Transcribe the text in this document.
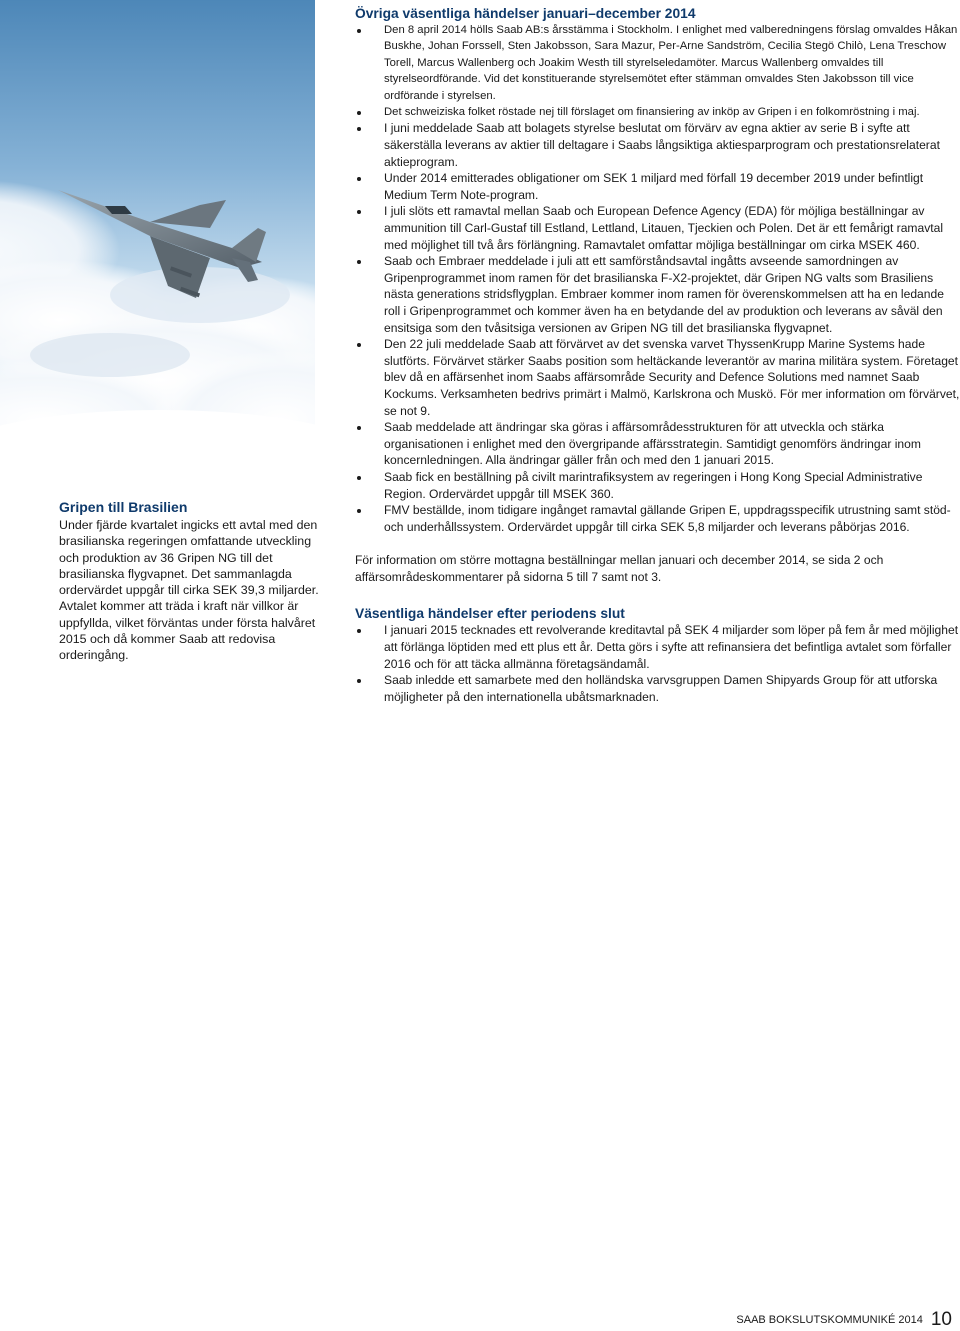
Gripen till Brasilien

Under fjärde kvartalet ingicks ett avtal med den brasilianska regeringen omfattande utveckling och produktion av 36 Gripen NG till det brasilianska flygvapnet. Det sammanlagda ordervärdet uppgår till cirka SEK 39,3 miljarder. Avtalet kommer att träda i kraft när villkor är uppfyllda, vilket förväntas under första halvåret 2015 och då kommer Saab att redovisa orderingång.

Övriga väsentliga händelser januari–december 2014
Den 8 april 2014 hölls Saab AB:s årsstämma i Stockholm. I enlighet med valberedningens förslag omvaldes Håkan Buskhe, Johan Forssell, Sten Jakobsson, Sara Mazur, Per-Arne Sandström, Cecilia Stegö Chilò, Lena Treschow Torell, Marcus Wallenberg och Joakim Westh till styrelseledamöter. Marcus Wallenberg omvaldes till styrelseordförande. Vid det konstituerande styrelsemötet efter stämman omvaldes Sten Jakobsson till vice ordförande i styrelsen.
Det schweiziska folket röstade nej till förslaget om finansiering av inköp av Gripen i en folkomröstning i maj.
I juni meddelade Saab att bolagets styrelse beslutat om förvärv av egna aktier av serie B i syfte att säkerställa leverans av aktier till deltagare i Saabs långsiktiga aktiesparprogram och prestationsrelaterat aktieprogram.
Under 2014 emitterades obligationer om SEK 1 miljard med förfall 19 december 2019 under befintligt Medium Term Note-program.
I juli slöts ett ramavtal mellan Saab och European Defence Agency (EDA) för möjliga beställningar av ammunition till Carl-Gustaf till Estland, Lettland, Litauen, Tjeckien och Polen. Det är ett femårigt ramavtal med möjlighet till två års förlängning. Ramavtalet omfattar möjliga beställningar om cirka MSEK 460.
Saab och Embraer meddelade i juli att ett samförståndsavtal ingåtts avseende samordningen av Gripenprogrammet inom ramen för det brasilianska F-X2-projektet, där Gripen NG valts som Brasiliens nästa generations stridsflygplan. Embraer kommer inom ramen för överenskommelsen att ha en ledande roll i Gripenprogrammet och kommer även ha en betydande del av produktion och leverans av såväl den ensitsiga som den tvåsitsiga versionen av Gripen NG till det brasilianska flygvapnet.
Den 22 juli meddelade Saab att förvärvet av det svenska varvet ThyssenKrupp Marine Systems hade slutförts. Förvärvet stärker Saabs position som heltäckande leverantör av marina militära system. Företaget blev då en affärsenhet inom Saabs affärsområde Security and Defence Solutions med namnet Saab Kockums. Verksamheten bedrivs primärt i Malmö, Karlskrona och Muskö. För mer information om förvärvet, se not 9.
Saab meddelade att ändringar ska göras i affärsområdesstrukturen för att utveckla och stärka organisationen i enlighet med den övergripande affärsstrategin. Samtidigt genomförs ändringar inom koncernledningen. Alla ändringar gäller från och med den 1 januari 2015.
Saab fick en beställning på civilt marintrafiksystem av regeringen i Hong Kong Special Administrative Region. Ordervärdet uppgår till MSEK 360.
FMV beställde, inom tidigare ingånget ramavtal gällande Gripen E, uppdragsspecifik utrustning samt stöd- och underhållssystem. Ordervärdet uppgår till cirka SEK 5,8 miljarder och leverans påbörjas 2016.

För information om större mottagna beställningar mellan januari och december 2014, se sida 2 och affärsområdeskommentarer på sidorna 5 till 7 samt not 3.

Väsentliga händelser efter periodens slut
I januari 2015 tecknades ett revolverande kreditavtal på SEK 4 miljarder som löper på fem år med möjlighet att förlänga löptiden med ett plus ett år. Detta görs i syfte att refinansiera det befintliga avtalet som förfaller 2016 och för att täcka allmänna företagsändamål.
Saab inledde ett samarbete med den holländska varvsgruppen Damen Shipyards Group för att utforska möjligheter på den internationella ubåtsmarknaden.
SAAB BOKSLUTSKOMMUNIKÉ 2014 10
